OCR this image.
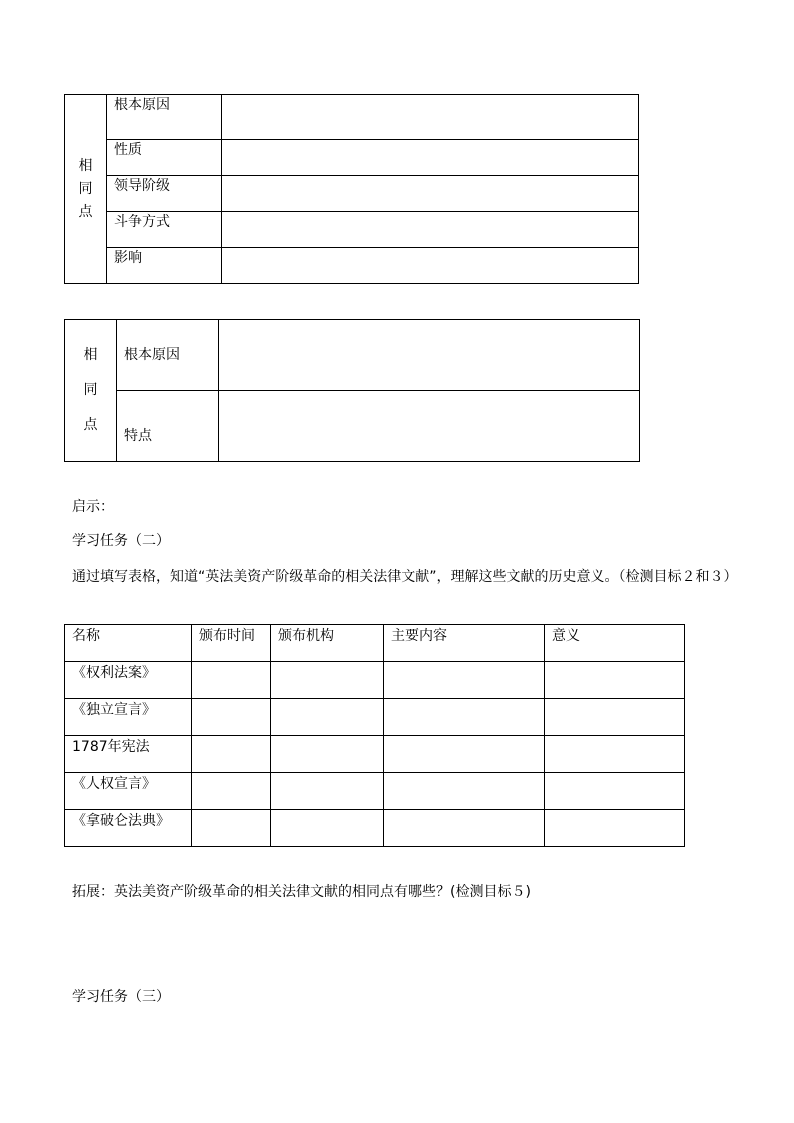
相
同
点	根本原因	
	性质	
	领导阶级	
	斗争方式	
	影响	
相
同
点	根本原因	
	特点	

启示：

学习任务（二）

通过填写表格，知道“英法美资产阶级革命的相关法律文献”，理解这些文献的历史意义。（检测目标２和３）

名称	颁布时间	颁布机构	主要内容	意义
《权利法案》				
《独立宣言》				
1787年宪法				
《人权宣言》				
《拿破仑法典》				

拓展：英法美资产阶级革命的相关法律文献的相同点有哪些？(检测目标５)

学习任务（三）
